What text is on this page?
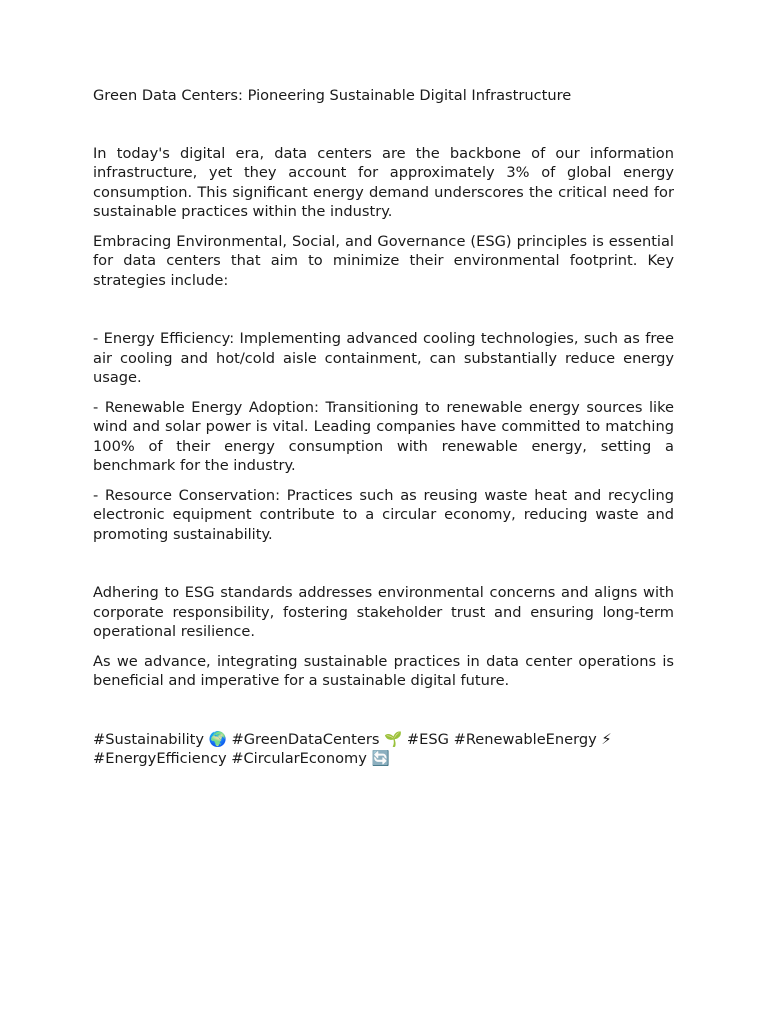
Green Data Centers: Pioneering Sustainable Digital Infrastructure

In today's digital era, data centers are the backbone of our information infrastructure, yet they account for approximately 3% of global energy consumption. This significant energy demand underscores the critical need for sustainable practices within the industry.

Embracing Environmental, Social, and Governance (ESG) principles is essential for data centers that aim to minimize their environmental footprint. Key strategies include:

- Energy Efficiency: Implementing advanced cooling technologies, such as free air cooling and hot/cold aisle containment, can substantially reduce energy usage.

- Renewable Energy Adoption: Transitioning to renewable energy sources like wind and solar power is vital. Leading companies have committed to matching 100% of their energy consumption with renewable energy, setting a benchmark for the industry.

- Resource Conservation: Practices such as reusing waste heat and recycling electronic equipment contribute to a circular economy, reducing waste and promoting sustainability.

Adhering to ESG standards addresses environmental concerns and aligns with corporate responsibility, fostering stakeholder trust and ensuring long-term operational resilience.

As we advance, integrating sustainable practices in data center operations is beneficial and imperative for a sustainable digital future.

#Sustainability 🌍 #GreenDataCenters 🌱 #ESG #RenewableEnergy ⚡
#EnergyEfficiency #CircularEconomy 🔄
